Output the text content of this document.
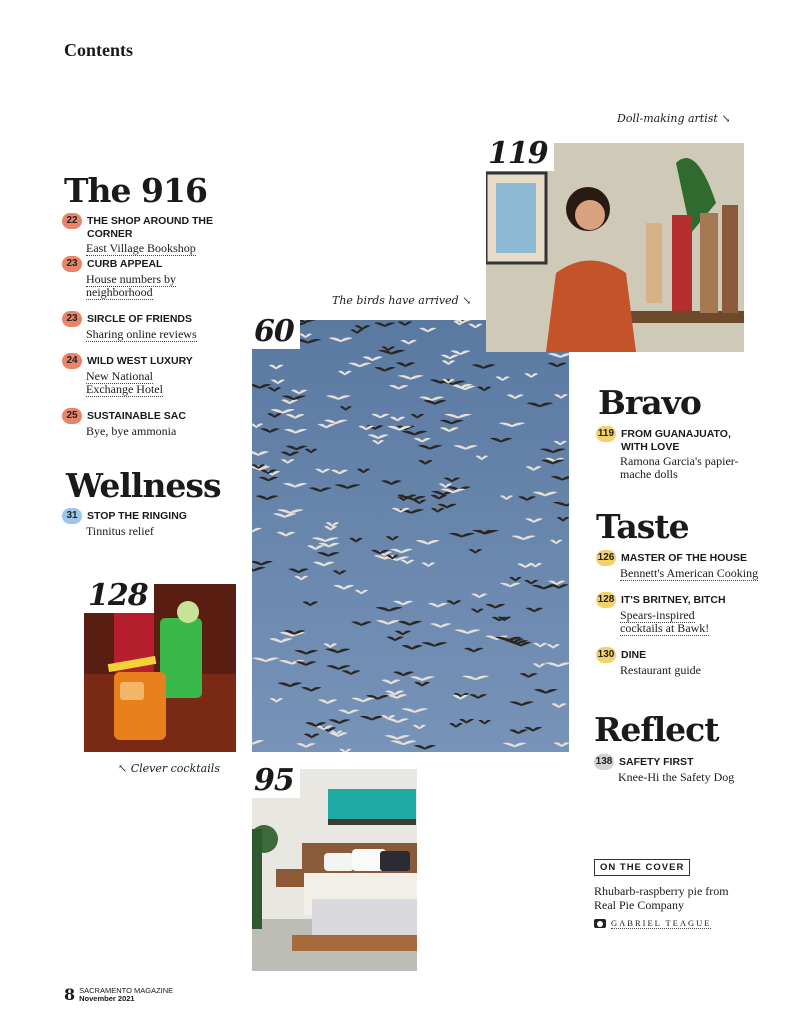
Contents
The 916
22 THE SHOP AROUND THE CORNER
East Village Bookshop
23 CURB APPEAL
House numbers by neighborhood
23 SIRCLE OF FRIENDS
Sharing online reviews
24 WILD WEST LUXURY
New National Exchange Hotel
25 SUSTAINABLE SAC
Bye, bye ammonia
Wellness
31 STOP THE RINGING
Tinnitus relief
128
↖ Clever cocktails
The birds have arrived ↘
60
Doll-making artist ↘
119
95
Bravo
119 FROM GUANAJUATO, WITH LOVE
Ramona Garcia's papier-mache dolls
Taste
126 MASTER OF THE HOUSE
Bennett's American Cooking
128 IT'S BRITNEY, BITCH
Spears-inspired cocktails at Bawk!
130 DINE
Restaurant guide
Reflect
138 SAFETY FIRST
Knee-Hi the Safety Dog
ON THE COVER
Rhubarb-raspberry pie from Real Pie Company
GABRIEL TEAGUE
8 SACRAMENTO MAGAZINE
November 2021
